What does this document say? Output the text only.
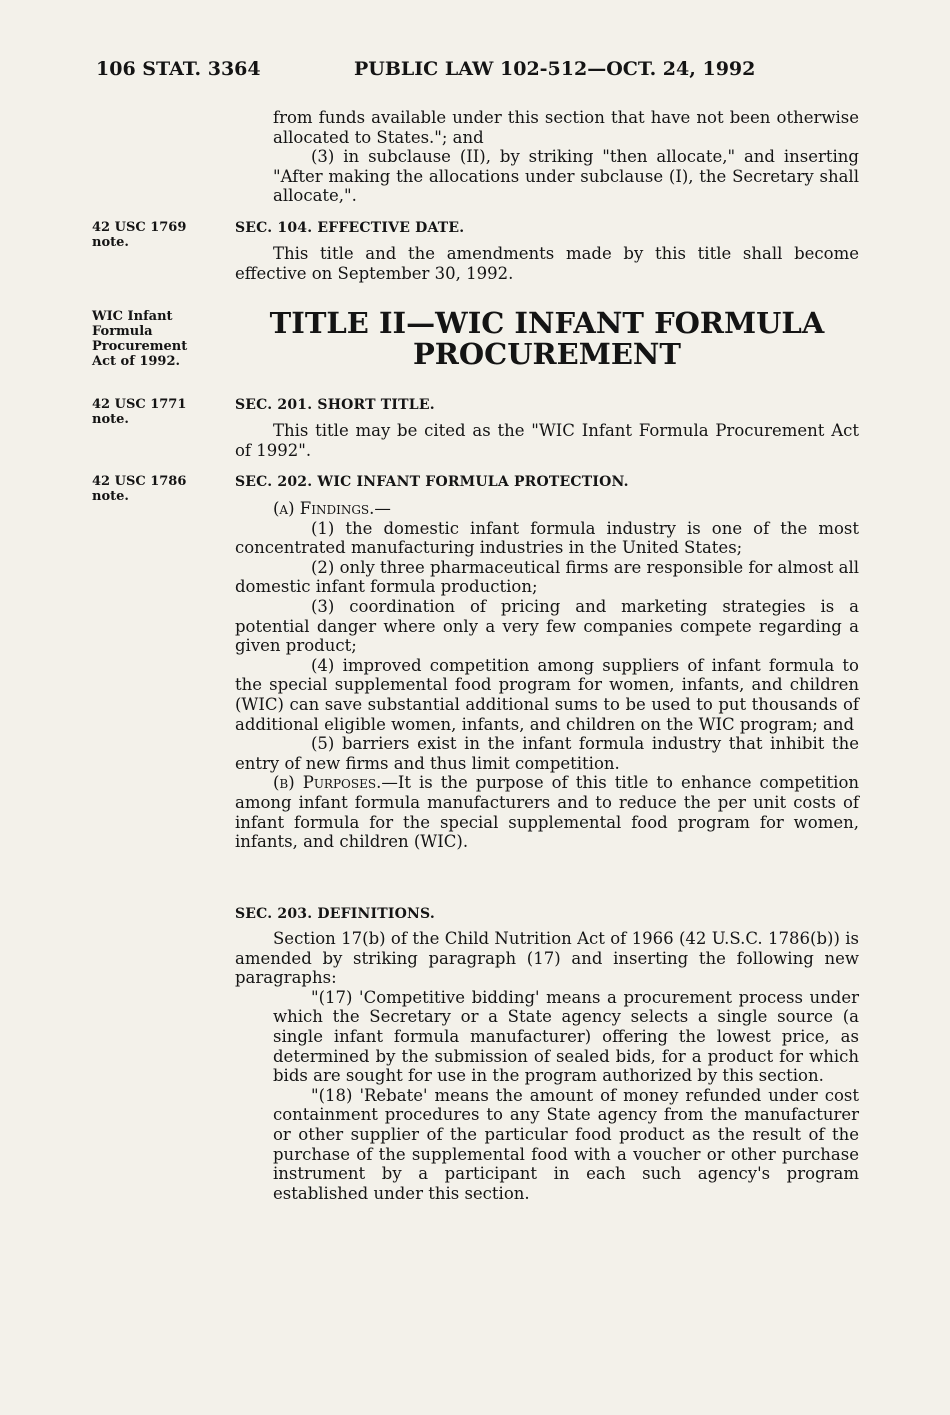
106 STAT. 3364	PUBLIC LAW 102-512—OCT. 24, 1992

from funds available under this section that have not been otherwise allocated to States."; and

(3) in subclause (II), by striking "then allocate," and inserting "After making the allocations under subclause (I), the Secretary shall allocate,".

42 USC 1769 note.
SEC. 104. EFFECTIVE DATE.
This title and the amendments made by this title shall become effective on September 30, 1992.
WIC Infant Formula Procurement Act of 1992.
TITLE II—WIC INFANT FORMULA
PROCUREMENT
42 USC 1771 note.
SEC. 201. SHORT TITLE.
This title may be cited as the "WIC Infant Formula Procurement Act of 1992".
42 USC 1786 note.
SEC. 202. WIC INFANT FORMULA PROTECTION.

(a) Findings.—

(1) the domestic infant formula industry is one of the most concentrated manufacturing industries in the United States;

(2) only three pharmaceutical firms are responsible for almost all domestic infant formula production;

(3) coordination of pricing and marketing strategies is a potential danger where only a very few companies compete regarding a given product;

(4) improved competition among suppliers of infant formula to the special supplemental food program for women, infants, and children (WIC) can save substantial additional sums to be used to put thousands of additional eligible women, infants, and children on the WIC program; and

(5) barriers exist in the infant formula industry that inhibit the entry of new firms and thus limit competition.

(b) Purposes.—It is the purpose of this title to enhance competition among infant formula manufacturers and to reduce the per unit costs of infant formula for the special supplemental food program for women, infants, and children (WIC).

SEC. 203. DEFINITIONS.

Section 17(b) of the Child Nutrition Act of 1966 (42 U.S.C. 1786(b)) is amended by striking paragraph (17) and inserting the following new paragraphs:

"(17) 'Competitive bidding' means a procurement process under which the Secretary or a State agency selects a single source (a single infant formula manufacturer) offering the lowest price, as determined by the submission of sealed bids, for a product for which bids are sought for use in the program authorized by this section.

"(18) 'Rebate' means the amount of money refunded under cost containment procedures to any State agency from the manufacturer or other supplier of the particular food product as the result of the purchase of the supplemental food with a voucher or other purchase instrument by a participant in each such agency's program established under this section.
